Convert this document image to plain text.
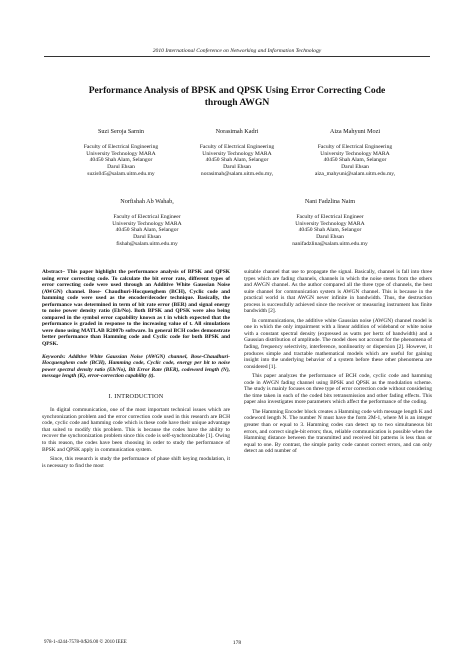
2010 International Conference on Networking and Information Technology
Performance Analysis of BPSK and QPSK Using Error Correcting Code
through AWGN
Suzi Seroja Sarnin
Faculty of Electrical Engineering
University Technology MARA
40450 Shah Alam, Selangor
Darul Ehsan
suzis045@salam.uitm.edu.my
Norasimah Kadri
Faculty of Electrical Engineering
University Technology MARA
40450 Shah Alam, Selangor
Darul Ehsan
norasimah@salam.uitm.edu.my,
Aiza Mahyuni Mozi
Faculty of Electrical Engineering
University Technology MARA
40450 Shah Alam, Selangor
Darul Ehsan
aiza_mahyuni@salam.uitm.edu.my,
Norfishah Ab Wahab,
Faculty of Electrical Engineer
University Technology MARA
40450 Shah Alam, Selangor
Darul Ehsan
fishah@salam.uitm.edu.my
Nani Fadzlina Naim
Faculty of Electrical Engineer
University Technology MARA
40450 Shah Alam, Selangor
Darul Ehsan
nanifadzlina@salam.uitm.edu.my

Abstract– This paper highlight the performance analysis of BPSK and QPSK using error correcting code. To calculate the bit error rate, different types of error correcting code were used through an Additive White Gaussian Noise (AWGN) channel. Bose- Chaudhuri-Hocquenghem (BCH), Cyclic code and hamming code were used as the encoder/decoder technique. Basically, the performance was determined in term of bit rate error (BER) and signal energy to noise power density ratio (Eb/No). Both BPSK and QPSK were also being compared in the symbol error capability known as t in which expected that the performance is graded in response to the increasing value of t. All simulations were done using MATLAB R2007b software. In general BCH codes demonstrate better performance than Hamming code and Cyclic code for both BPSK and QPSK.

Keywords: Additive White Gaussian Noise (AWGN) channel, Bose-Chaudhuri-Hocquenghem code (BCH), Hamming code, Cyclic code, energy per bit to noise power spectral density ratio (Eb/No), Bit Error Rate (BER), codeword length (N), message length (K), error-correction capability (t).

I. INTRODUCTION

In digital communication, one of the most important technical issues which are synchronization problem and the error correction code used in this research are BCH code, cyclic code and hamming code which is these code have their unique advantage that suited to modify this problem. This is because the codes have the ability to recover the synchronization problem since this code is self-synchronizable [1]. Owing to this reason, the codes have been choosing in order to study the performance of BPSK and QPSK apply in communication system.

Since, this research is study the performance of phase shift keying modulation, it is necessary to find the most

suitable channel that use to propagate the signal. Basically, channel is fall into three types which are fading channels, channels in which the noise stems from the others and AWGN channel. As the author compared all the three type of channels, the best suite channel for communication system is AWGN channel. This is because in the practical world is that AWGN never infinite in bandwidth. Thus, the destruction process is successfully achieved since the receiver or measuring instrument has finite bandwidth [2].

In communications, the additive white Gaussian noise (AWGN) channel model is one in which the only impairment with a linear addition of wideband or white noise with a constant spectral density (expressed as watts per hertz of bandwidth) and a Gaussian distribution of amplitude. The model does not account for the phenomena of fading, frequency selectivity, interference, nonlinearity or dispersion [2]. However, it produces simple and tractable mathematical models which are useful for gaining insight into the underlying behavior of a system before these other phenomena are considered [1].

This paper analyzes the performance of BCH code, cyclic code and hamming code in AWGN fading channel using BPSK and QPSK as the modulation scheme. The study is mainly focuses on three type of error correction code without considering the time taken in each of the coded bits retransmission and other fading effects. This paper also investigates more parameters which affect the performance of the coding.

The Hamming Encoder block creates a Hamming code with message length K and codeword length N. The number N must have the form 2M-1, where M is an integer greater than or equal to 3. Hamming codes can detect up to two simultaneous bit errors, and correct single-bit errors; thus, reliable communication is possible when the Hamming distance between the transmitted and received bit patterns is less than or equal to one. By contrast, the simple parity code cannot correct errors, and can only detect an odd number of

978-1-4244-7578-0/$26.00 © 2010 IEEE	178
